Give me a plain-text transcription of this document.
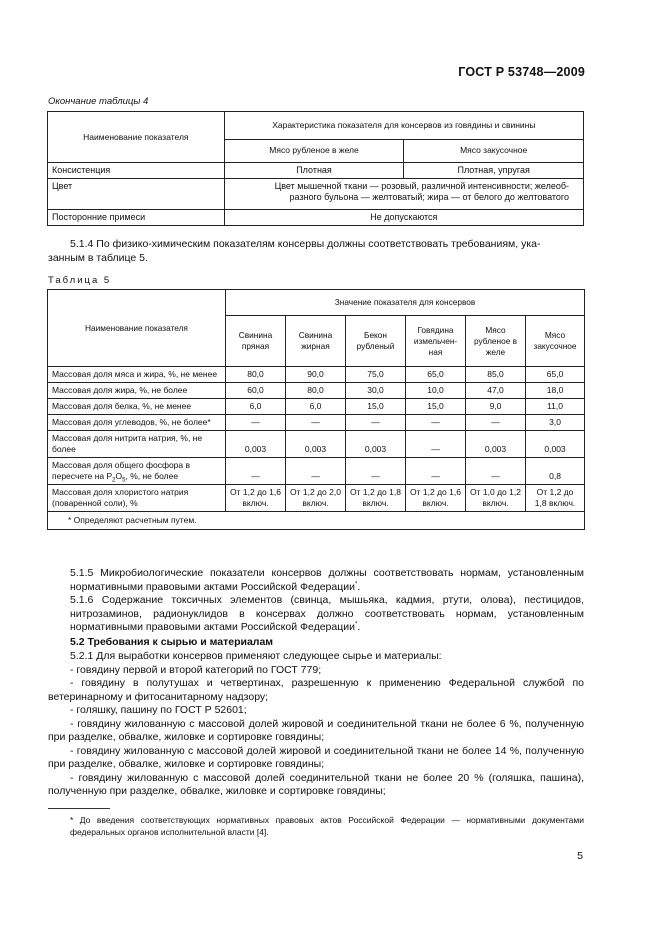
ГОСТ Р 53748—2009
Окончание таблицы 4
Наименование показателя	Характеристика показателя для консервов из говядины и свинины	
	Мясо рубленое в желе	Мясо закусочное
Консистенция	Плотная	Плотная, упругая
Цвет	Цвет мышечной ткани — розовый, различной интенсивности; желеоб-
разного бульона — желтоватый; жира — от белого до желтоватого	

Посторонние примеси	Не допускаются	
5.1.4 По физико-химическим показателям консервы должны соответствовать требованиям, ука-
занным в таблице 5.
Таблица 5
Наименование показателя	Значение показателя для консервов					
	Свинина пряная	Свинина жирная	Бекон рубленый	Говядина измельчен-ная	Мясо рубленое в желе	Мясо закусочное
Массовая доля мяса и жира, %, не менее	80,0	90,0	75,0	65,0	85,0	65,0
Массовая доля жира, %, не более	60,0	80,0	30,0	10,0	47,0	18,0
Массовая доля белка, %, не менее	6,0	6,0	15,0	15,0	9,0	11,0
Массовая доля углеводов, %, не более*	—	—	—	—	—	3,0
Массовая доля нитрита натрия, %, не более	0,003	0,003	0,003	—	0,003	0,003
Массовая доля общего фосфора в пересчете на $P_2O_5$, %, не более	—	—	—	—	—	0,8
Массовая доля хлористого натрия (поваренной соли), %	От 1,2 до 1,6 включ.	От 1,2 до 2,0 включ.	От 1,2 до 1,8 включ.	От 1,2 до 1,6 включ.	От 1,0 до 1,2 включ.	От 1,2 до 1,8 включ.
* Определяют расчетным путем.						
5.1.5 Микробиологические показатели консервов должны соответствовать нормам, установленным нормативными правовыми актами Российской Федерации*.
5.1.6 Содержание токсичных элементов (свинца, мышьяка, кадмия, ртути, олова), пестицидов, нитрозаминов, радионуклидов в консервах должно соответствовать нормам, установленным нормативными правовыми актами Российской Федерации*.
5.2 Требования к сырью и материалам

5.2.1 Для выработки консервов применяют следующее сырье и материалы:

- говядину первой и второй категорий по ГОСТ 779;

- говядину в полутушах и четвертинах, разрешенную к применению Федеральной службой по ветеринарному и фитосанитарному надзору;

- голяшку, пашину по ГОСТ Р 52601;

- говядину жилованную с массовой долей жировой и соединительной ткани не более 6 %, полученную при разделке, обвалке, жиловке и сортировке говядины;

- говядину жилованную с массовой долей жировой и соединительной ткани не более 14 %, полученную при разделке, обвалке, жиловке и сортировке говядины;

- говядину жилованную с массовой долей соединительной ткани не более 20 % (голяшка, пашина), полученную при разделке, обвалке, жиловке и сортировке говядины;

* До введения соответствующих нормативных правовых актов Российской Федерации — нормативными документами федеральных органов исполнительной власти [4].
5
